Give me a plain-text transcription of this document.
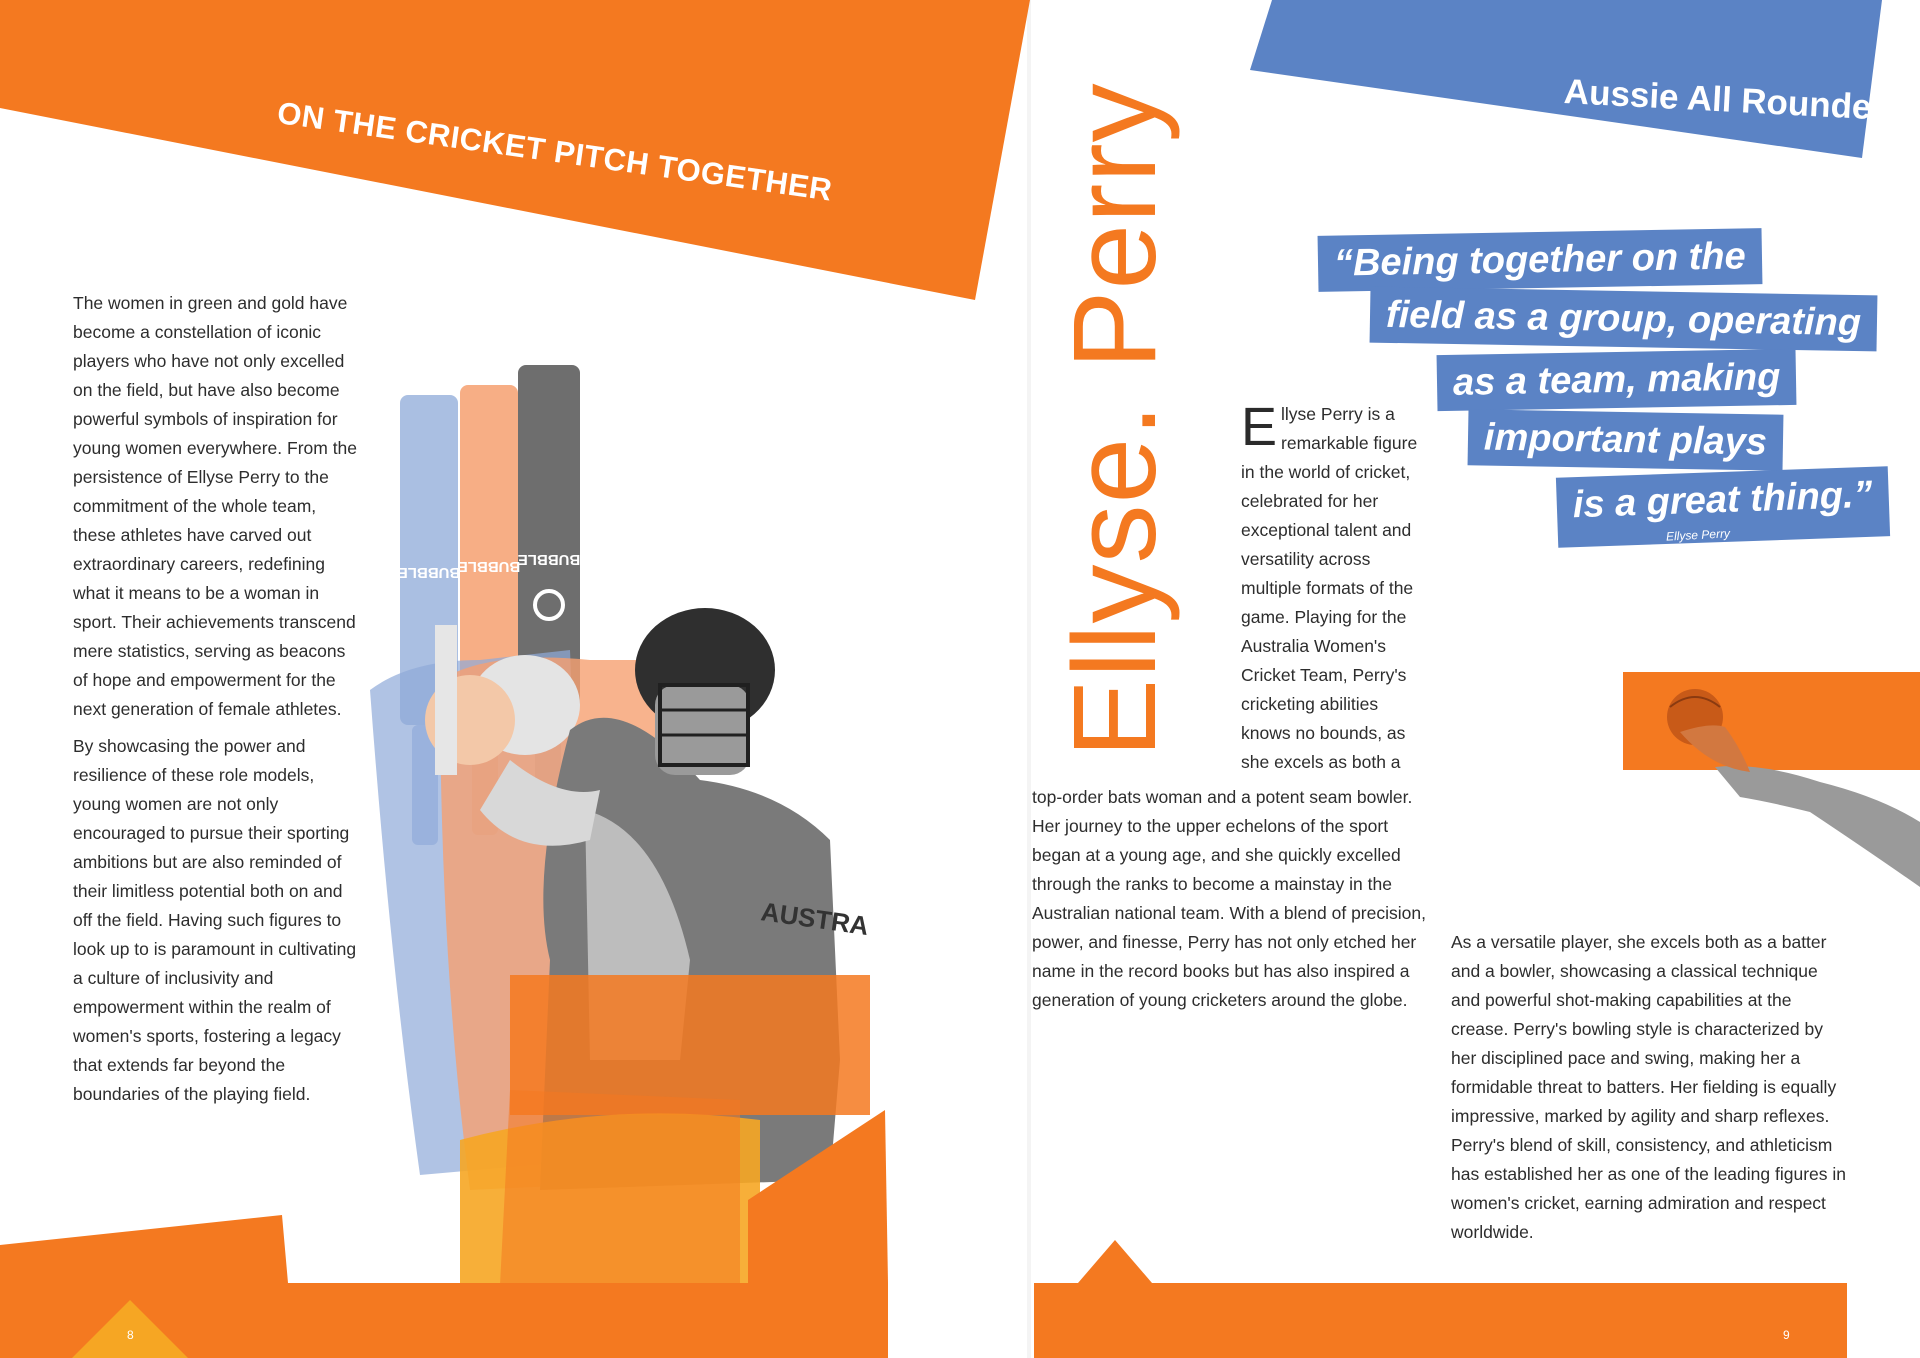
ON THE CRICKET PITCH TOGETHER

The women in green and gold have become a constellation of iconic players who have not only excelled on the field, but have also become powerful symbols of inspiration for young women everywhere. From the persistence of Ellyse Perry to the commitment of the whole team, these athletes have carved out extraordinary careers, redefining what it means to be a woman in sport. Their achievements transcend mere statistics, serving as beacons of hope and empowerment for the next generation of female athletes.

By showcasing the power and resilience of these role models, young women are not only encouraged to pursue their sporting ambitions but are also reminded of their limitless potential both on and off the field. Having such figures to look up to is paramount in cultivating a culture of inclusivity and empowerment within the realm of women's sports, fostering a legacy that extends far beyond the boundaries of the playing field.

BUBBLE
BUBBLE
BUBBLE
AUSTRA
8	9
Aussie All Rounder
Ellyse. Perry	“Being together on the
field as a group, operating
as a team, making
important plays
is a great thing.”
Ellyse Perry
Ellyse Perry is a remarkable figure in the world of cricket, celebrated for her exceptional talent and versatility across multiple formats of the game. Playing for the Australia Women's Cricket Team, Perry's cricketing abilities knows no bounds, as she excels as both a

top-order bats woman and a potent seam bowler. Her journey to the upper echelons of the sport began at a young age, and she quickly excelled through the ranks to become a mainstay in the Australian national team. With a blend of precision, power, and finesse, Perry has not only etched her name in the record books but has also inspired a generation of young cricketers around the globe.

As a versatile player, she excels both as a batter and a bowler, showcasing a classical technique and powerful shot-making capabilities at the crease. Perry's bowling style is characterized by her disciplined pace and swing, making her a formidable threat to batters. Her fielding is equally impressive, marked by agility and sharp reflexes. Perry's blend of skill, consistency, and athleticism has established her as one of the leading figures in women's cricket, earning admiration and respect worldwide.
